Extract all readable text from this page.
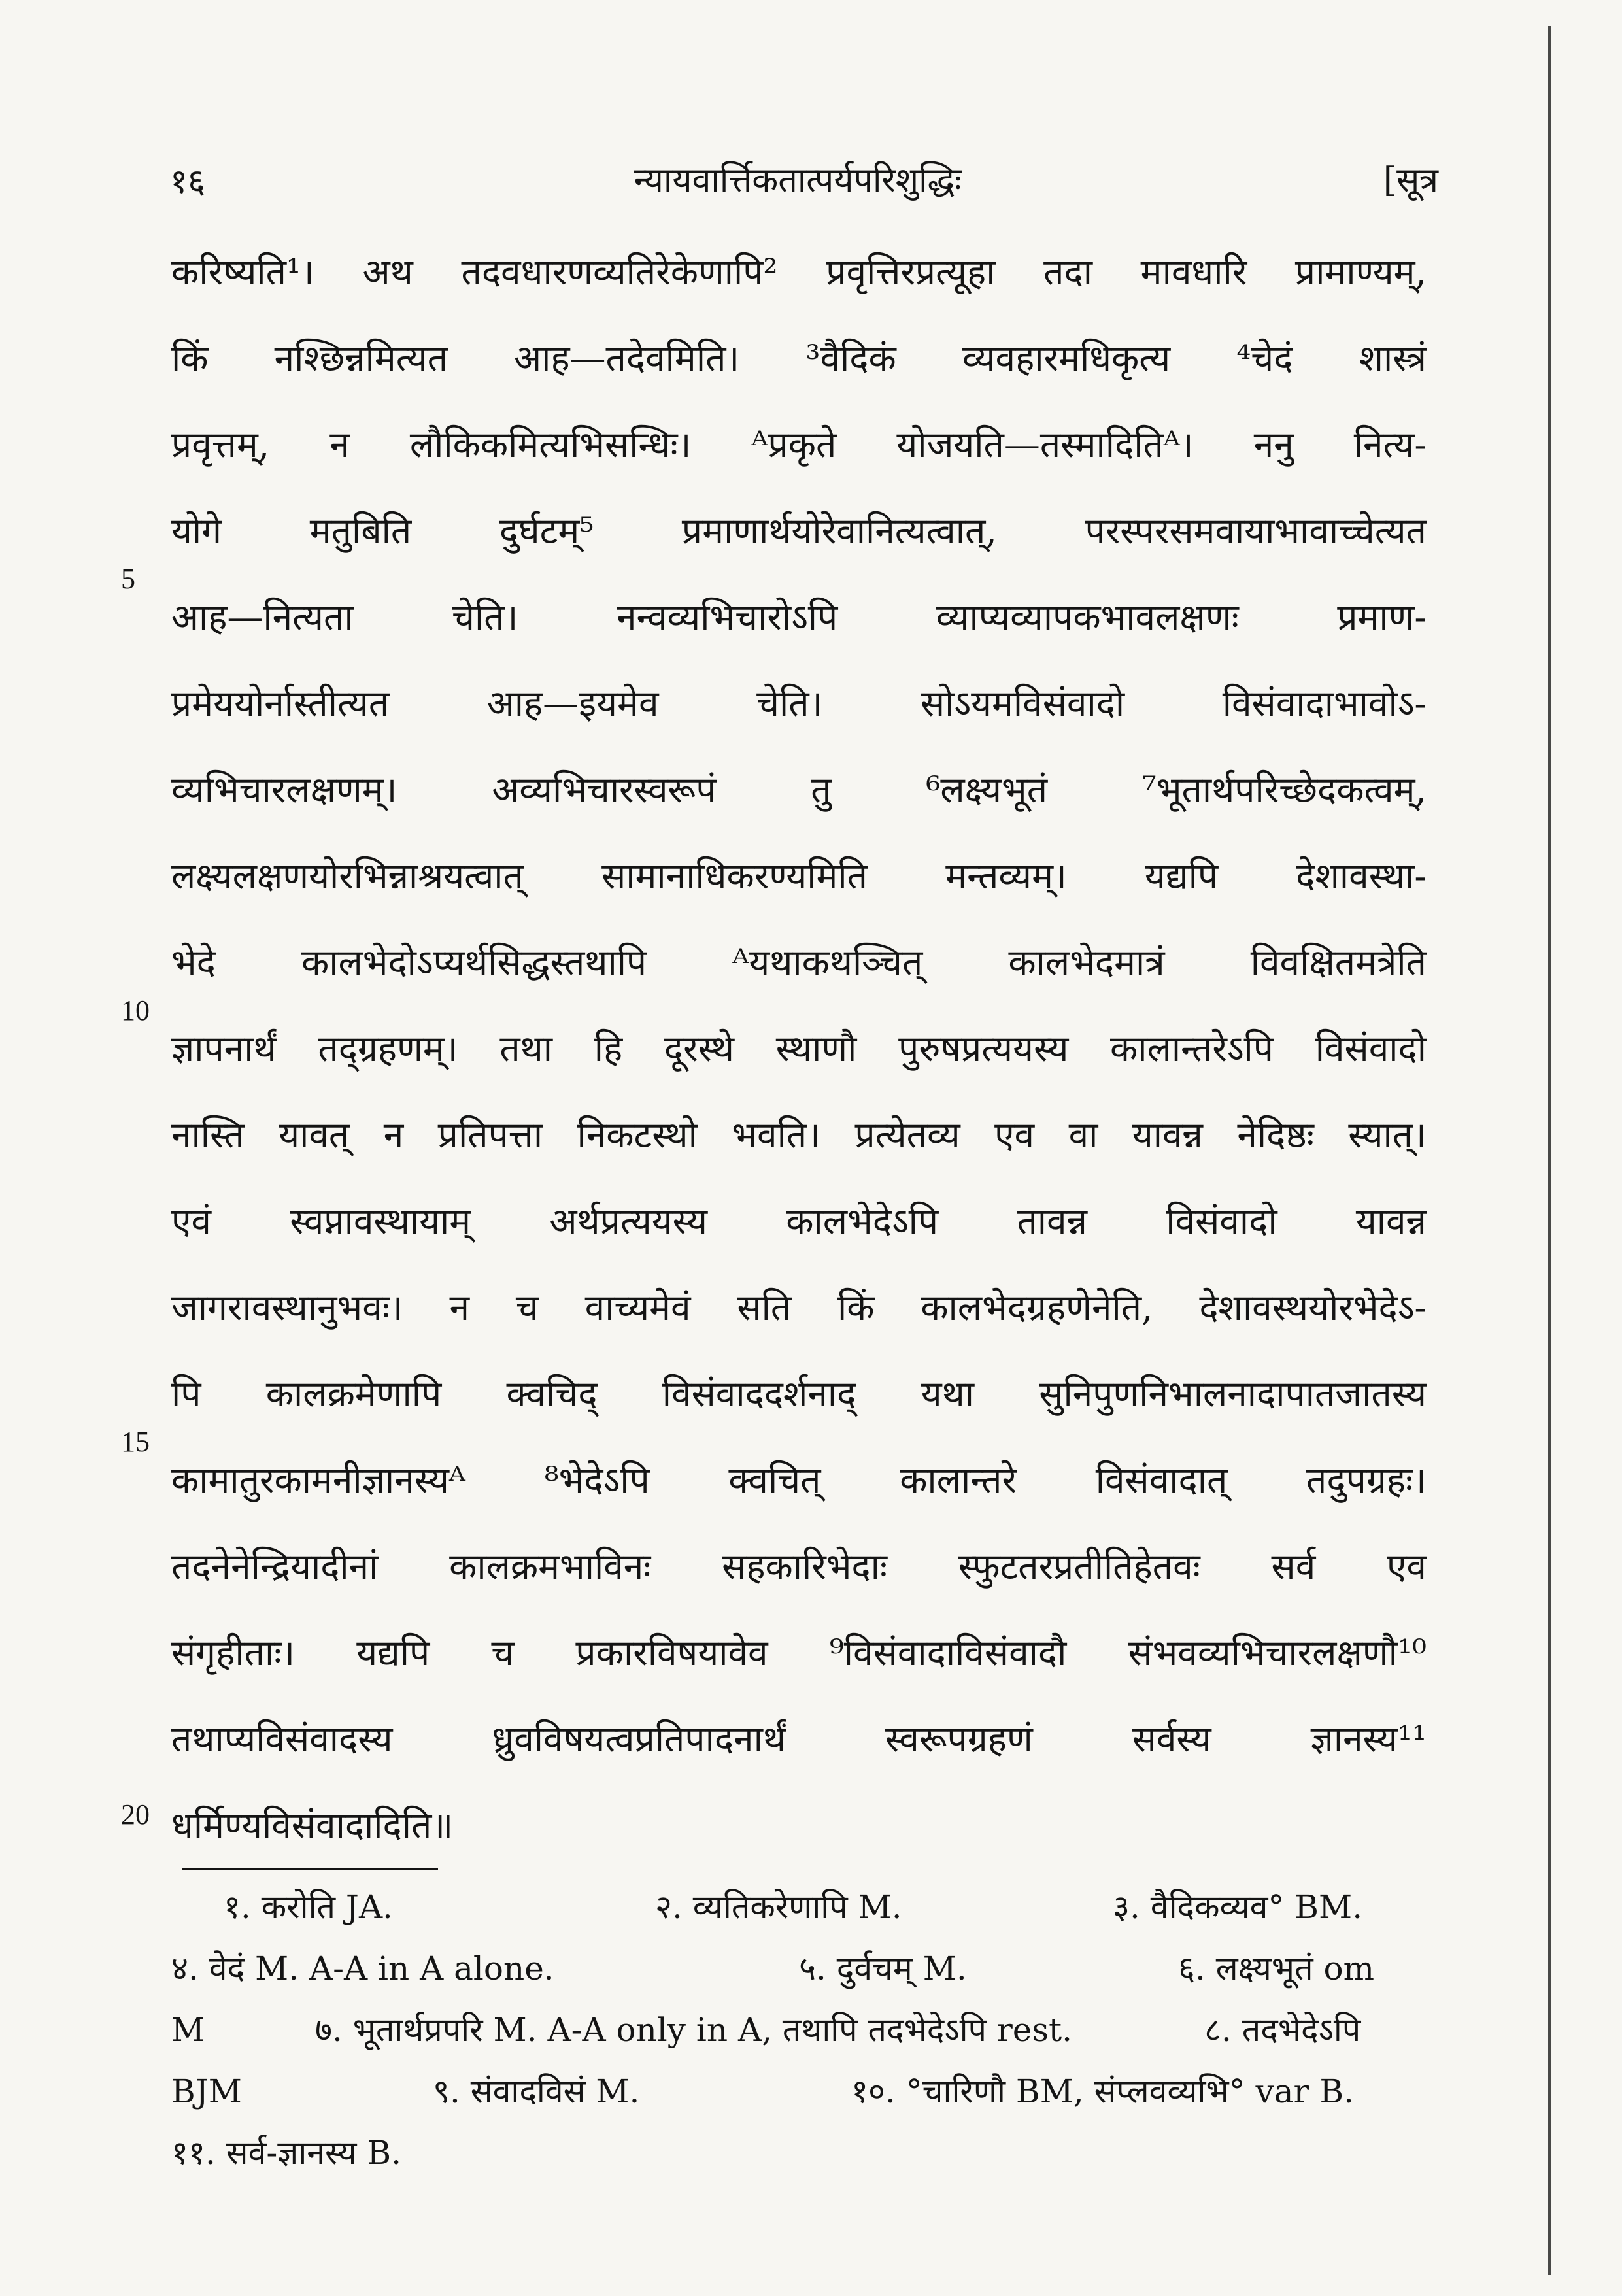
१६	न्यायवार्त्तिकतात्पर्यपरिशुद्धिः	[सूत्र
5
10
15
20
करिष्यति¹। अथ तदवधारणव्यतिरेकेणापि² प्रवृत्तिरप्रत्यूहा तदा मावधारि प्रामाण्यम्,
किं नश्छिन्नमित्यत आह—तदेवमिति। ³वैदिकं व्यवहारमधिकृत्य ⁴चेदं शास्त्रं
प्रवृत्तम्, न लौकिकमित्यभिसन्धिः। ᴬप्रकृते योजयति—तस्मादितिᴬ। ननु नित्य-
योगे मतुबिति दुर्घटम्⁵ प्रमाणार्थयोरेवानित्यत्वात्, परस्परसमवायाभावाच्चेत्यत
आह—नित्यता चेति। नन्वव्यभिचारोऽपि व्याप्यव्यापकभावलक्षणः प्रमाण-
प्रमेययोर्नास्तीत्यत आह—इयमेव चेति। सोऽयमविसंवादो विसंवादाभावोऽ-
व्यभिचारलक्षणम्। अव्यभिचारस्वरूपं तु ⁶लक्ष्यभूतं ⁷भूतार्थपरिच्छेदकत्वम्,
लक्ष्यलक्षणयोरभिन्नाश्रयत्वात् सामानाधिकरण्यमिति मन्तव्यम्। यद्यपि देशावस्था-
भेदे कालभेदोऽप्यर्थसिद्धस्तथापि ᴬयथाकथञ्चित् कालभेदमात्रं विवक्षितमत्रेति
ज्ञापनार्थं तद्ग्रहणम्। तथा हि दूरस्थे स्थाणौ पुरुषप्रत्ययस्य कालान्तरेऽपि विसंवादो
नास्ति यावत् न प्रतिपत्ता निकटस्थो भवति। प्रत्येतव्य एव वा यावन्न नेदिष्ठः स्यात्।
एवं स्वप्नावस्थायाम् अर्थप्रत्ययस्य कालभेदेऽपि तावन्न विसंवादो यावन्न
जागरावस्थानुभवः। न च वाच्यमेवं सति किं कालभेदग्रहणेनेति, देशावस्थयोरभेदेऽ-
पि कालक्रमेणापि क्वचिद् विसंवाददर्शनाद् यथा सुनिपुणनिभालनादापातजातस्य
कामातुरकामनीज्ञानस्यᴬ ⁸भेदेऽपि क्वचित् कालान्तरे विसंवादात् तदुपग्रहः।
तदनेनेन्द्रियादीनां कालक्रमभाविनः सहकारिभेदाः स्फुटतरप्रतीतिहेतवः सर्व एव
संगृहीताः। यद्यपि च प्रकारविषयावेव ⁹विसंवादाविसंवादौ संभवव्यभिचारलक्षणौ¹⁰
तथाप्यविसंवादस्य ध्रुवविषयत्वप्रतिपादनार्थं स्वरूपग्रहणं सर्वस्य ज्ञानस्य¹¹
धर्मिण्यविसंवादादिति॥
१. करोति JA.	२. व्यतिकरेणापि M.	३. वैदिकव्यव° BM.
४. वेदं M. A-A in A alone.	५. दुर्वचम् M.	६. लक्ष्यभूतं om
M	७. भूतार्थप्रपरि M. A-A only in A, तथापि तदभेदेऽपि rest.	८. तदभेदेऽपि
BJM	९. संवादविसं M.	१०. °चारिणौ BM, संप्लवव्यभि° var B.
११. सर्व-ज्ञानस्य B.
